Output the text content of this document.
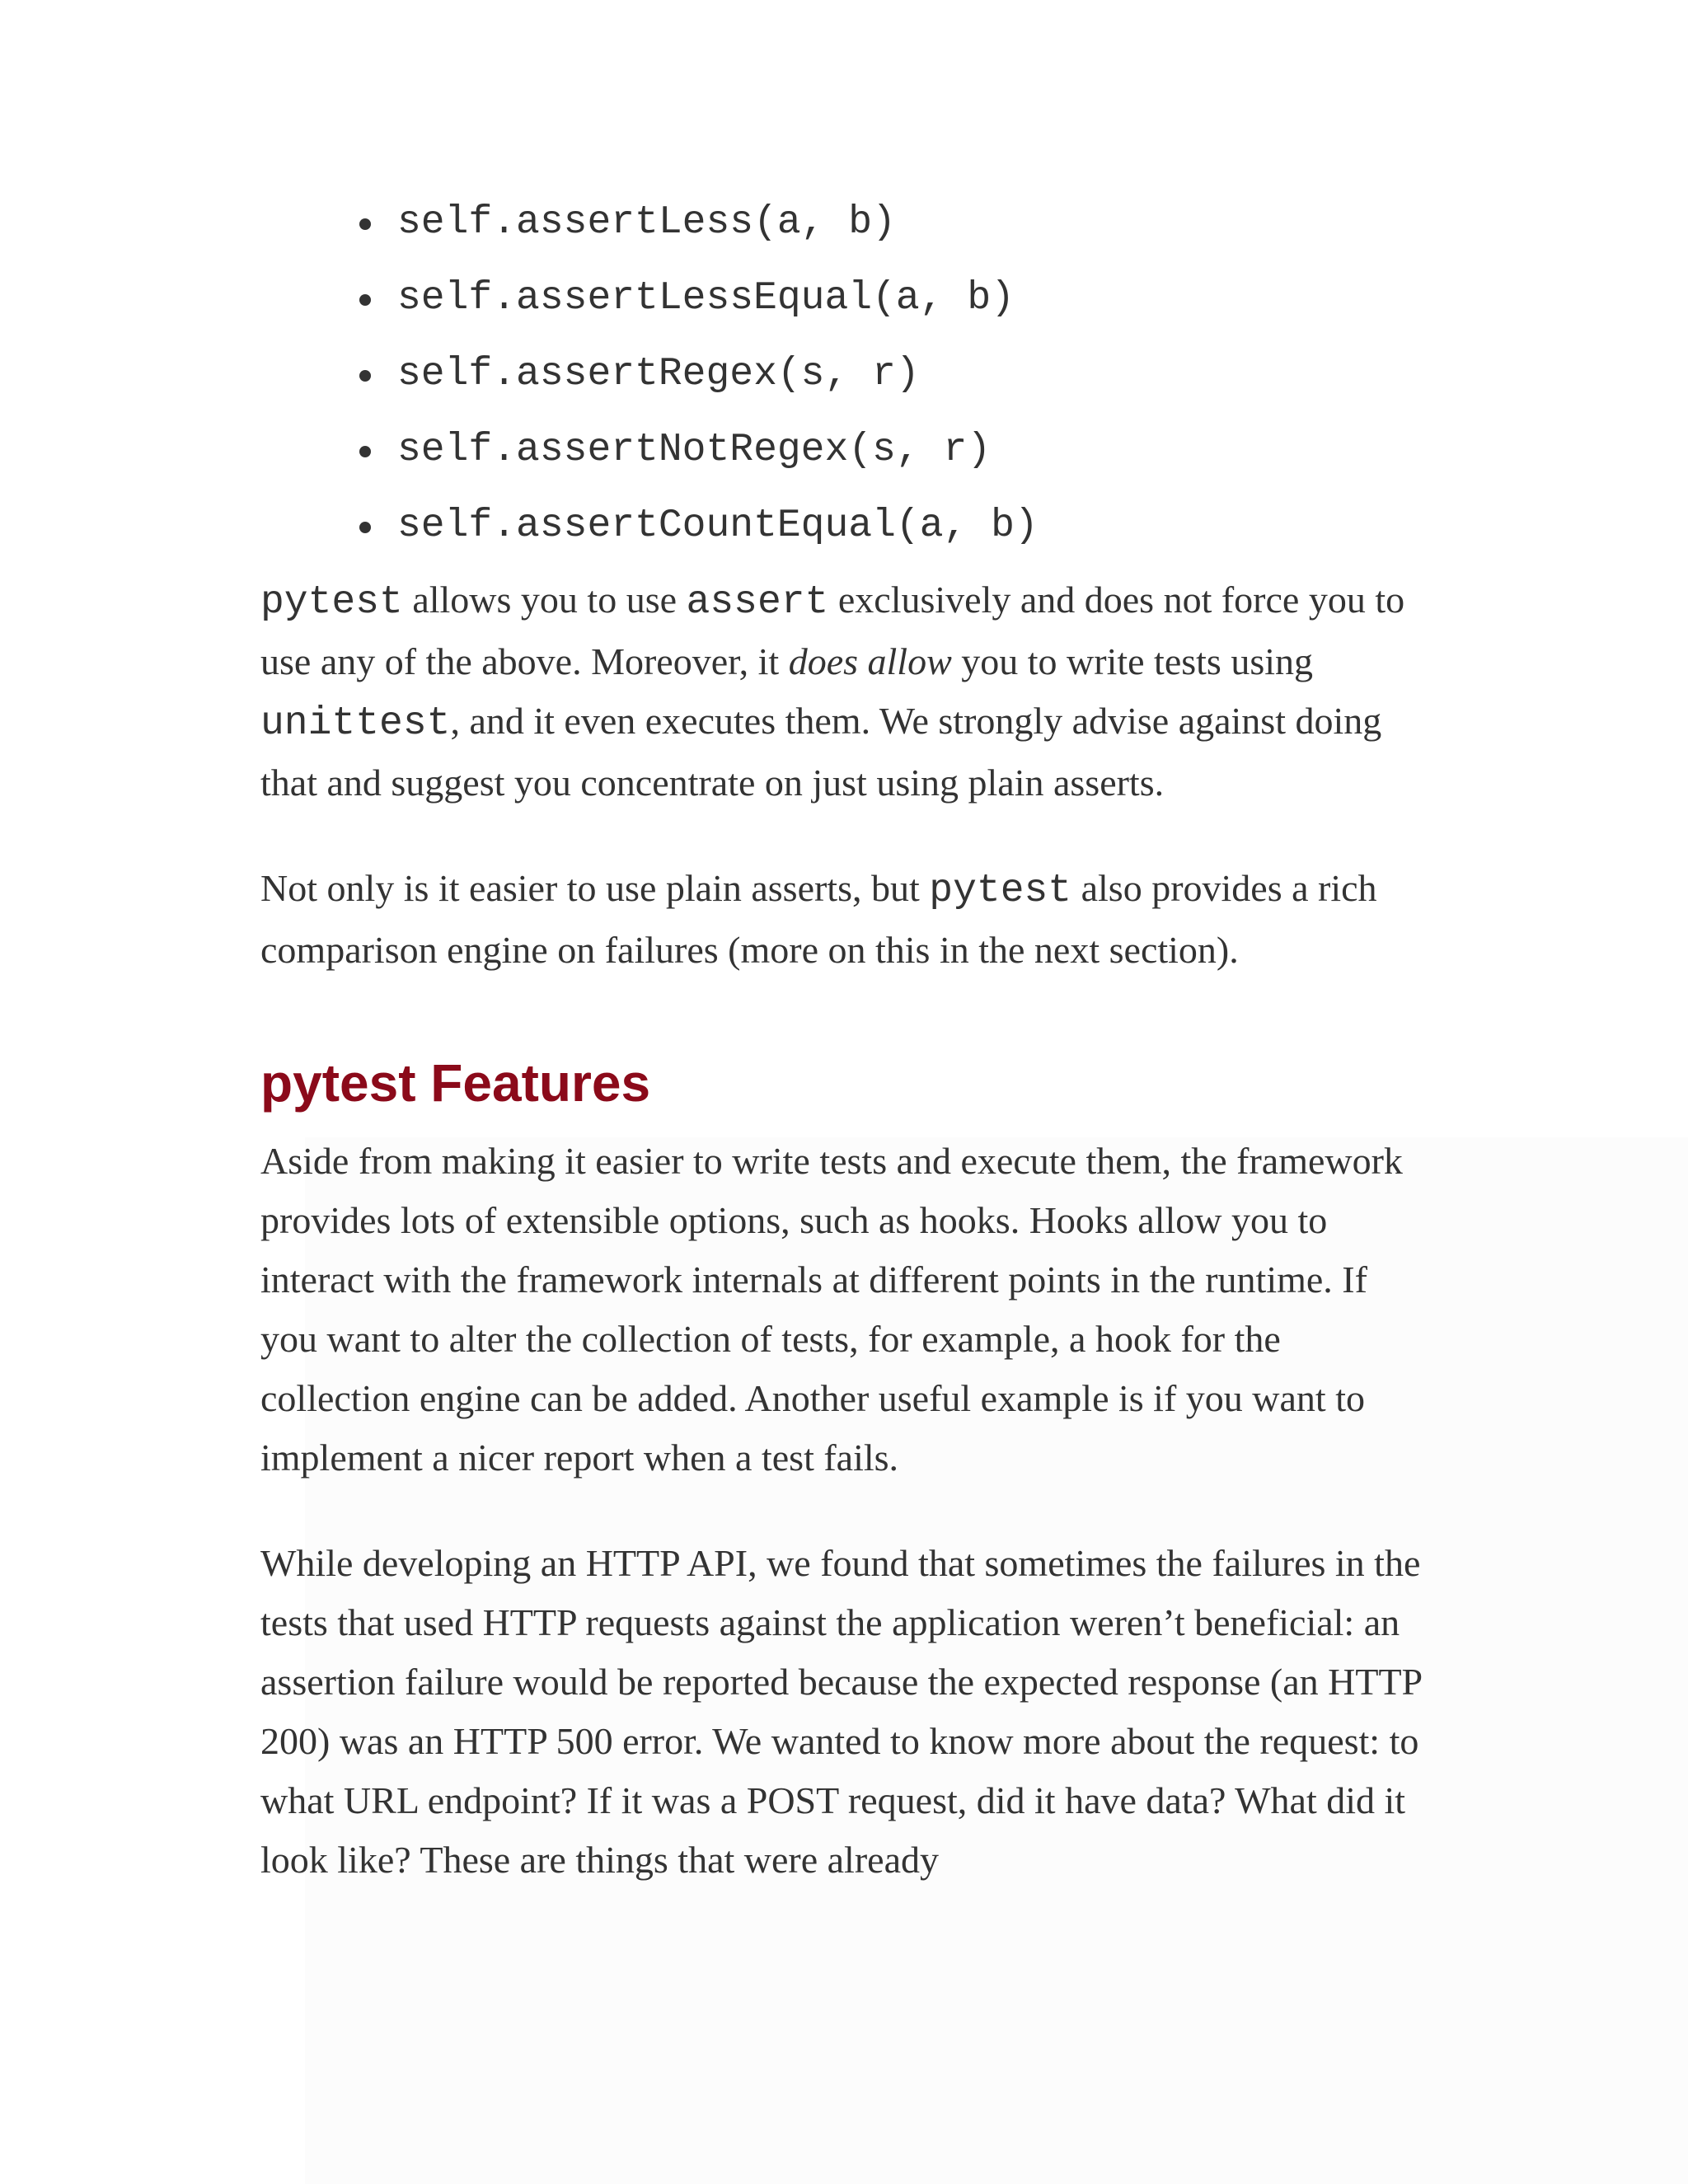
self.assertLess(a, b)
self.assertLessEqual(a, b)
self.assertRegex(s, r)
self.assertNotRegex(s, r)
self.assertCountEqual(a, b)

pytest allows you to use assert exclusively and does not force you to use any of the above. Moreover, it does allow you to write tests using unittest, and it even executes them. We strongly advise against doing that and suggest you concentrate on just using plain asserts.

Not only is it easier to use plain asserts, but pytest also provides a rich comparison engine on failures (more on this in the next section).

pytest Features

Aside from making it easier to write tests and execute them, the framework provides lots of extensible options, such as hooks. Hooks allow you to interact with the framework internals at different points in the runtime. If you want to alter the collection of tests, for example, a hook for the collection engine can be added. Another useful example is if you want to implement a nicer report when a test fails.

While developing an HTTP API, we found that sometimes the failures in the tests that used HTTP requests against the application weren’t beneficial: an assertion failure would be reported because the expected response (an HTTP 200) was an HTTP 500 error. We wanted to know more about the request: to what URL endpoint? If it was a POST request, did it have data? What did it look like? These are things that were already
